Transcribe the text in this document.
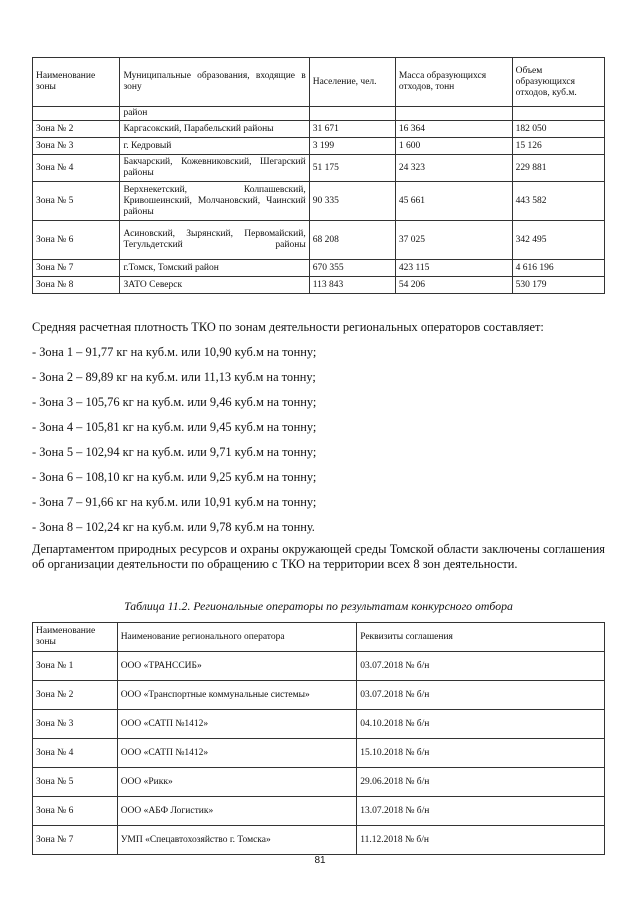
Наименование зоны	Муниципальные образования, входящие в зону	Население, чел.	Масса образующихся отходов, тонн	Объем образующихся отходов, куб.м.
	район			
Зона № 2	Каргасокский, Парабельский районы	31 671	16 364	182 050
Зона № 3	г. Кедровый	3 199	1 600	15 126
Зона № 4	Бакчарский, Кожевниковский, Шегарский районы	51 175	24 323	229 881
Зона № 5	Верхнекетский, Колпашевский, Кривошеинский, Молчановский, Чаинский районы	90 335	45 661	443 582
Зона № 6	Асиновский, Зырянский, Первомайский, Тегульдетский районы	68 208	37 025	342 495
Зона № 7	г.Томск, Томский район	670 355	423 115	4 616 196
Зона № 8	ЗАТО Северск	113 843	54 206	530 179
Средняя расчетная плотность ТКО по зонам деятельности региональных операторов составляет:
- Зона 1 – 91,77 кг на куб.м. или 10,90 куб.м на тонну;
- Зона 2 – 89,89 кг на куб.м. или 11,13 куб.м на тонну;
- Зона 3 – 105,76 кг на куб.м. или 9,46 куб.м на тонну;
- Зона 4 – 105,81 кг на куб.м. или 9,45 куб.м на тонну;
- Зона 5 – 102,94 кг на куб.м. или 9,71 куб.м на тонну;
- Зона 6 – 108,10 кг на куб.м. или 9,25 куб.м на тонну;
- Зона 7 – 91,66 кг на куб.м. или 10,91 куб.м на тонну;
- Зона 8 – 102,24 кг на куб.м. или 9,78 куб.м на тонну.
Департаментом природных ресурсов и охраны окружающей среды Томской области заключены соглашения об организации деятельности по обращению с ТКО на территории всех 8 зон деятельности.
Таблица 11.2. Региональные операторы по результатам конкурсного отбора
Наименование зоны	Наименование регионального оператора	Реквизиты соглашения
Зона № 1	ООО «ТРАНССИБ»	03.07.2018 № б/н
Зона № 2	ООО «Транспортные коммунальные системы»	03.07.2018 № б/н
Зона № 3	ООО «САТП №1412»	04.10.2018 № б/н
Зона № 4	ООО «САТП №1412»	15.10.2018 № б/н
Зона № 5	ООО «Рикк»	29.06.2018 № б/н
Зона № 6	ООО «АБФ Логистик»	13.07.2018 № б/н
Зона № 7	УМП «Спецавтохозяйство г. Томска»	11.12.2018 № б/н
81
